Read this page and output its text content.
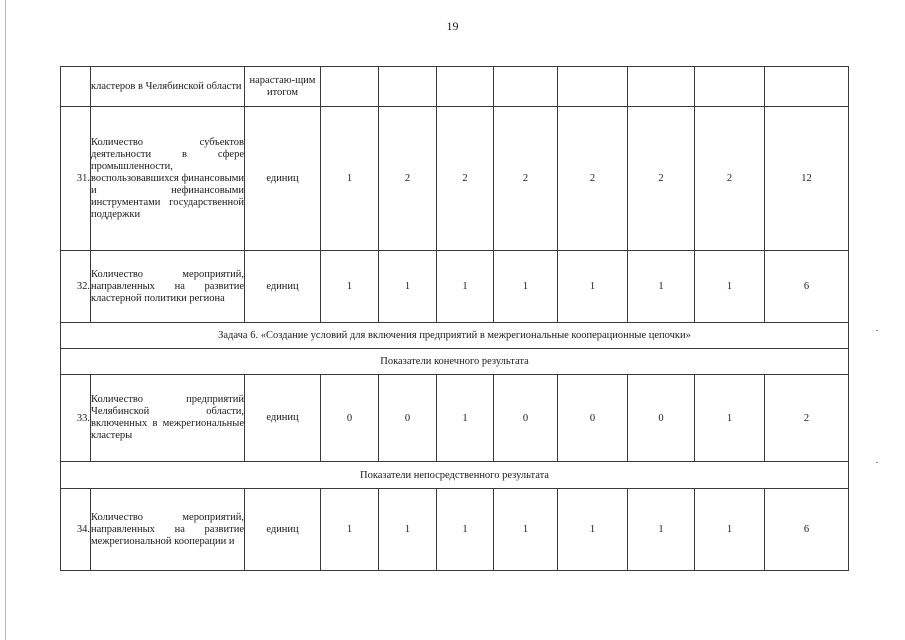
19
	кластеров в Челябинской области	нарастаю-щим итогом								
31.	Количество субъектов деятельности в сфере промышленности, воспользовавшихся финансовыми и нефинансовыми инструментами государственной поддержки	единиц	1	2	2	2	2	2	2	12
32.	Количество мероприятий, направленных на развитие кластерной политики региона	единиц	1	1	1	1	1	1	1	6
Задача 6. «Создание условий для включения предприятий в межрегиональные кооперационные цепочки»										
Показатели конечного результата										
33.	Количество предприятий Челябинской области, включенных в межрегиональные кластеры	единиц	0	0	1	0	0	0	1	2
Показатели непосредственного результата										
34.	Количество мероприятий, направленных на развитие межрегиональной кооперации и	единиц	1	1	1	1	1	1	1	6
